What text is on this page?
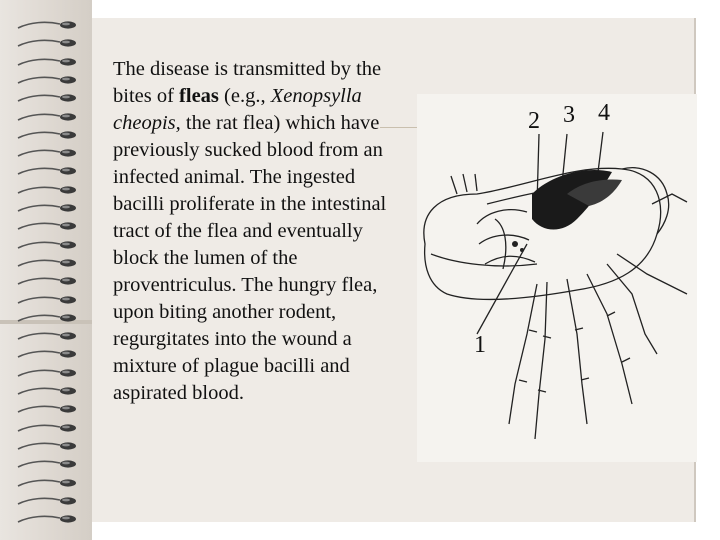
The disease is transmitted by the bites of fleas (e.g., Xenopsylla cheopis, the rat flea) which have previously sucked blood from an infected animal. The ingested bacilli proliferate in the intestinal tract of the flea and eventually block the lumen of the proventriculus. The hungry flea, upon biting another rodent, regurgitates into the wound a mixture of plague bacilli and aspirated blood.

2 3 4
1
